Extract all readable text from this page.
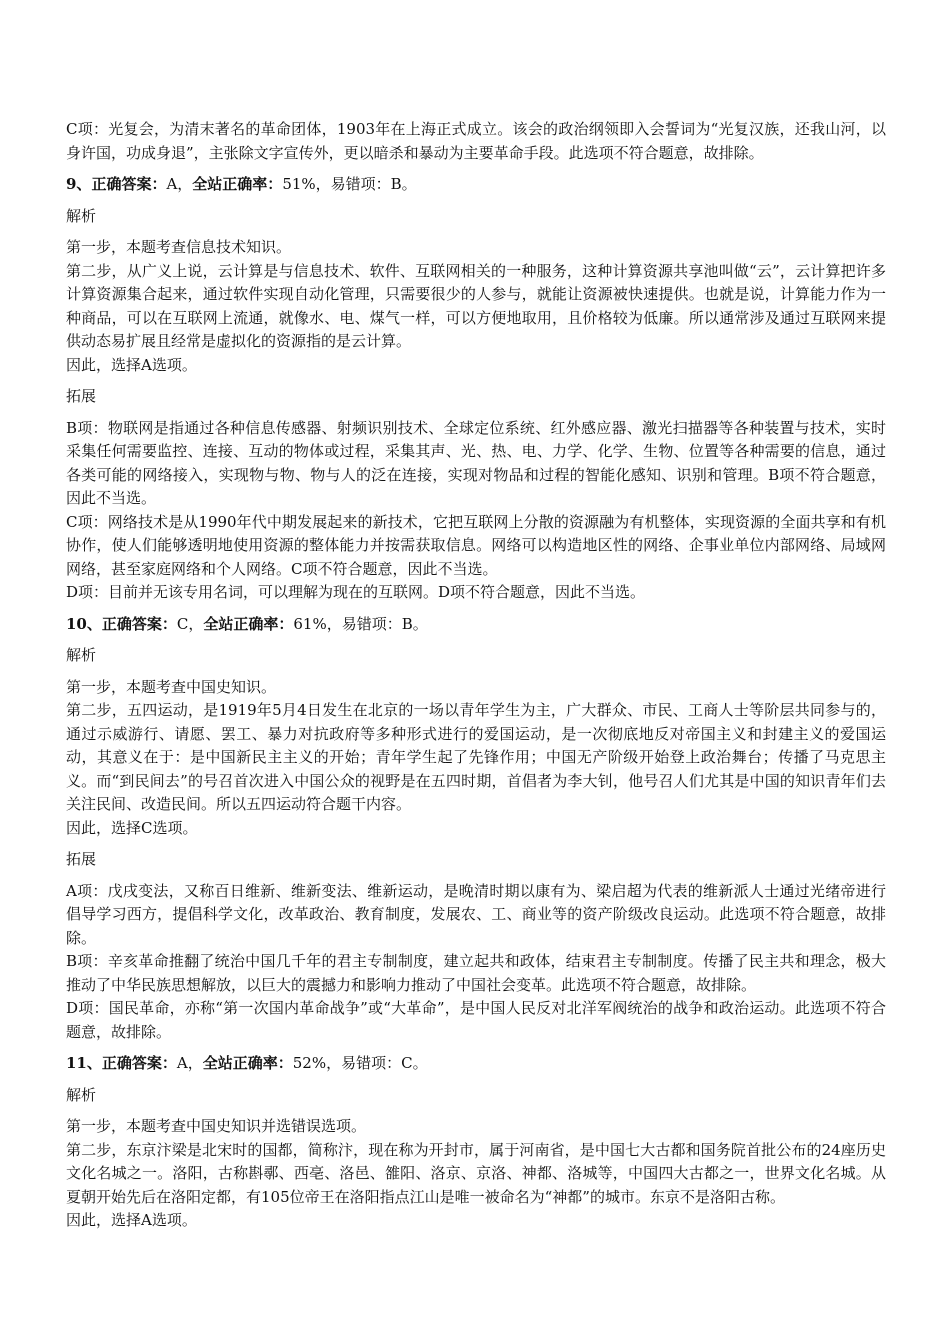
C项：光复会，为清末著名的革命团体，1903年在上海正式成立。该会的政治纲领即入会誓词为“光复汉族，还我山河，以身许国，功成身退”，主张除文字宣传外，更以暗杀和暴动为主要革命手段。此选项不符合题意，故排除。

9、正确答案：A，全站正确率：51%，易错项：B。

解析

第一步，本题考查信息技术知识。

第二步，从广义上说，云计算是与信息技术、软件、互联网相关的一种服务，这种计算资源共享池叫做“云”，云计算把许多计算资源集合起来，通过软件实现自动化管理，只需要很少的人参与，就能让资源被快速提供。也就是说，计算能力作为一种商品，可以在互联网上流通，就像水、电、煤气一样，可以方便地取用，且价格较为低廉。所以通常涉及通过互联网来提供动态易扩展且经常是虚拟化的资源指的是云计算。

因此，选择A选项。

拓展

B项：物联网是指通过各种信息传感器、射频识别技术、全球定位系统、红外感应器、激光扫描器等各种装置与技术，实时采集任何需要监控、连接、互动的物体或过程，采集其声、光、热、电、力学、化学、生物、位置等各种需要的信息，通过各类可能的网络接入，实现物与物、物与人的泛在连接，实现对物品和过程的智能化感知、识别和管理。B项不符合题意，因此不当选。

C项：网络技术是从1990年代中期发展起来的新技术，它把互联网上分散的资源融为有机整体，实现资源的全面共享和有机协作，使人们能够透明地使用资源的整体能力并按需获取信息。网络可以构造地区性的网络、企事业单位内部网络、局域网网络，甚至家庭网络和个人网络。C项不符合题意，因此不当选。

D项：目前并无该专用名词，可以理解为现在的互联网。D项不符合题意，因此不当选。

10、正确答案：C，全站正确率：61%，易错项：B。

解析

第一步，本题考查中国史知识。

第二步，五四运动，是1919年5月4日发生在北京的一场以青年学生为主，广大群众、市民、工商人士等阶层共同参与的，通过示威游行、请愿、罢工、暴力对抗政府等多种形式进行的爱国运动，是一次彻底地反对帝国主义和封建主义的爱国运动，其意义在于：是中国新民主主义的开始；青年学生起了先锋作用；中国无产阶级开始登上政治舞台；传播了马克思主义。而“到民间去”的号召首次进入中国公众的视野是在五四时期，首倡者为李大钊，他号召人们尤其是中国的知识青年们去关注民间、改造民间。所以五四运动符合题干内容。

因此，选择C选项。

拓展

A项：戊戌变法，又称百日维新、维新变法、维新运动，是晚清时期以康有为、梁启超为代表的维新派人士通过光绪帝进行倡导学习西方，提倡科学文化，改革政治、教育制度，发展农、工、商业等的资产阶级改良运动。此选项不符合题意，故排除。

B项：辛亥革命推翻了统治中国几千年的君主专制制度，建立起共和政体，结束君主专制制度。传播了民主共和理念，极大推动了中华民族思想解放，以巨大的震撼力和影响力推动了中国社会变革。此选项不符合题意，故排除。

D项：国民革命，亦称“第一次国内革命战争”或“大革命”，是中国人民反对北洋军阀统治的战争和政治运动。此选项不符合题意，故排除。

11、正确答案：A，全站正确率：52%，易错项：C。

解析

第一步，本题考查中国史知识并选错误选项。

第二步，东京汴梁是北宋时的国都，简称汴，现在称为开封市，属于河南省，是中国七大古都和国务院首批公布的24座历史文化名城之一。洛阳，古称斟鄩、西亳、洛邑、雒阳、洛京、京洛、神都、洛城等，中国四大古都之一，世界文化名城。从夏朝开始先后在洛阳定都，有105位帝王在洛阳指点江山是唯一被命名为“神都”的城市。东京不是洛阳古称。

因此，选择A选项。
